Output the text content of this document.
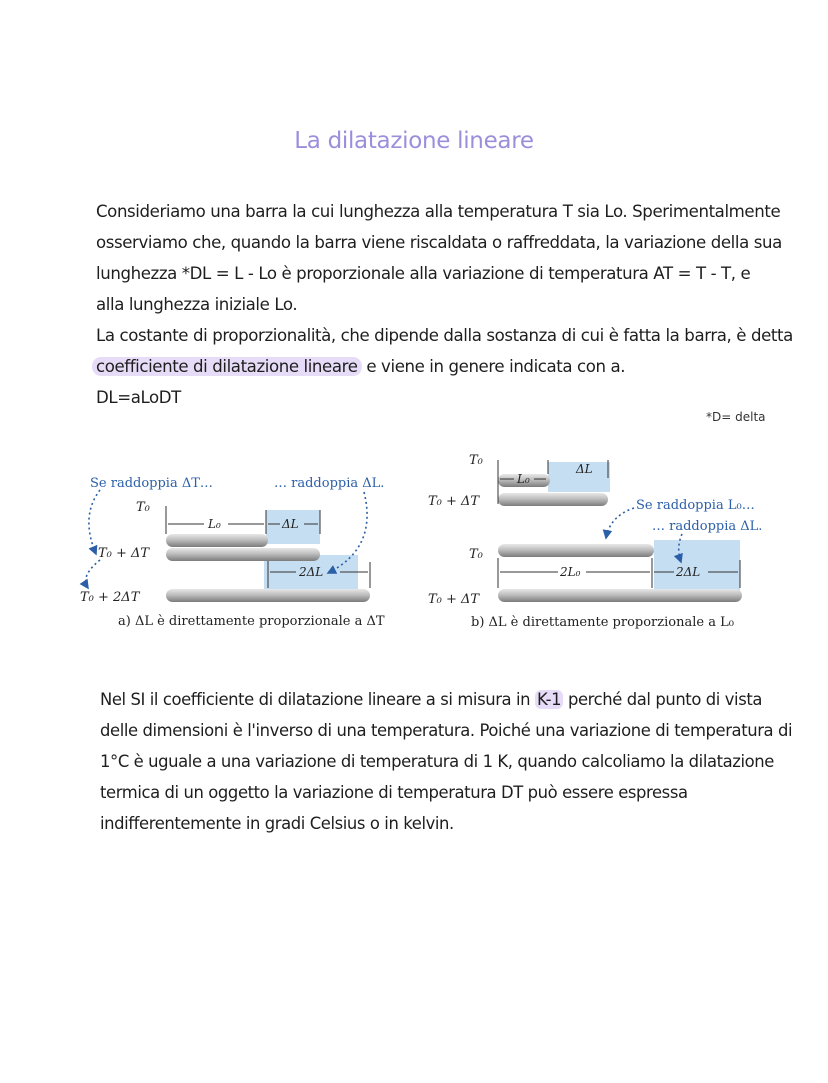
La dilatazione lineare
Consideriamo una barra la cui lunghezza alla temperatura T sia Lo. Sperimentalmente
osserviamo che, quando la barra viene riscaldata o raffreddata, la variazione della sua
lunghezza *DL = L - Lo è proporzionale alla variazione di temperatura AT = T - T, e
alla lunghezza iniziale Lo.
La costante di proporzionalità, che dipende dalla sostanza di cui è fatta la barra, è detta
coefficiente di dilatazione lineare e viene in genere indicata con a.
DL=aLoDT
*D= delta
Se raddoppia ΔT…	… raddoppia ΔL.
T₀
T₀ + ΔT
T₀ + 2ΔT
L₀	ΔL
2ΔL
a) ΔL è direttamente proporzionale a ΔT
T₀
T₀ + ΔT
L₀
ΔL
Se raddoppia L₀…
… raddoppia ΔL.
T₀
T₀ + ΔT
2L₀	2ΔL
b) ΔL è direttamente proporzionale a L₀
Nel SI il coefficiente di dilatazione lineare a si misura in K-1 perché dal punto di vista
delle dimensioni è l'inverso di una temperatura. Poiché una variazione di temperatura di
1°C è uguale a una variazione di temperatura di 1 K, quando calcoliamo la dilatazione
termica di un oggetto la variazione di temperatura DT può essere espressa
indifferentemente in gradi Celsius o in kelvin.
